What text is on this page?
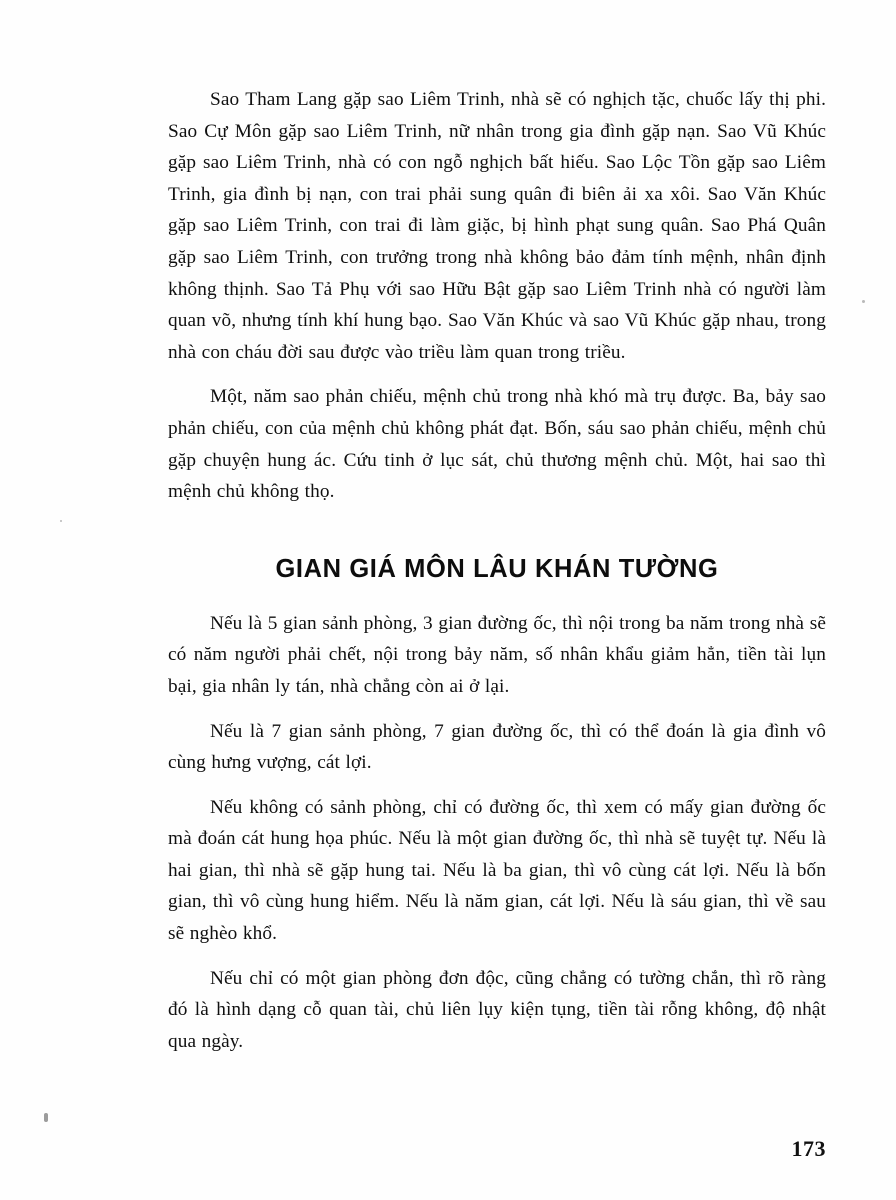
Sao Tham Lang gặp sao Liêm Trinh, nhà sẽ có nghịch tặc, chuốc lấy thị phi. Sao Cự Môn gặp sao Liêm Trinh, nữ nhân trong gia đình gặp nạn. Sao Vũ Khúc gặp sao Liêm Trinh, nhà có con ngỗ nghịch bất hiếu. Sao Lộc Tồn gặp sao Liêm Trinh, gia đình bị nạn, con trai phải sung quân đi biên ải xa xôi. Sao Văn Khúc gặp sao Liêm Trinh, con trai đi làm giặc, bị hình phạt sung quân. Sao Phá Quân gặp sao Liêm Trinh, con trưởng trong nhà không bảo đảm tính mệnh, nhân định không thịnh. Sao Tả Phụ với sao Hữu Bật gặp sao Liêm Trinh nhà có người làm quan võ, nhưng tính khí hung bạo. Sao Văn Khúc và sao Vũ Khúc gặp nhau, trong nhà con cháu đời sau được vào triều làm quan trong triều.

Một, năm sao phản chiếu, mệnh chủ trong nhà khó mà trụ được. Ba, bảy sao phản chiếu, con của mệnh chủ không phát đạt. Bốn, sáu sao phản chiếu, mệnh chủ gặp chuyện hung ác. Cứu tinh ở lục sát, chủ thương mệnh chủ. Một, hai sao thì mệnh chủ không thọ.

GIAN GIÁ MÔN LÂU KHÁN TƯỜNG

Nếu là 5 gian sảnh phòng, 3 gian đường ốc, thì nội trong ba năm trong nhà sẽ có năm người phải chết, nội trong bảy năm, số nhân khẩu giảm hẳn, tiền tài lụn bại, gia nhân ly tán, nhà chẳng còn ai ở lại.

Nếu là 7 gian sảnh phòng, 7 gian đường ốc, thì có thể đoán là gia đình vô cùng hưng vượng, cát lợi.

Nếu không có sảnh phòng, chỉ có đường ốc, thì xem có mấy gian đường ốc mà đoán cát hung họa phúc. Nếu là một gian đường ốc, thì nhà sẽ tuyệt tự. Nếu là hai gian, thì nhà sẽ gặp hung tai. Nếu là ba gian, thì vô cùng cát lợi. Nếu là bốn gian, thì vô cùng hung hiểm. Nếu là năm gian, cát lợi. Nếu là sáu gian, thì về sau sẽ nghèo khổ.

Nếu chỉ có một gian phòng đơn độc, cũng chẳng có tường chắn, thì rõ ràng đó là hình dạng cỗ quan tài, chủ liên lụy kiện tụng, tiền tài rỗng không, độ nhật qua ngày.

173
